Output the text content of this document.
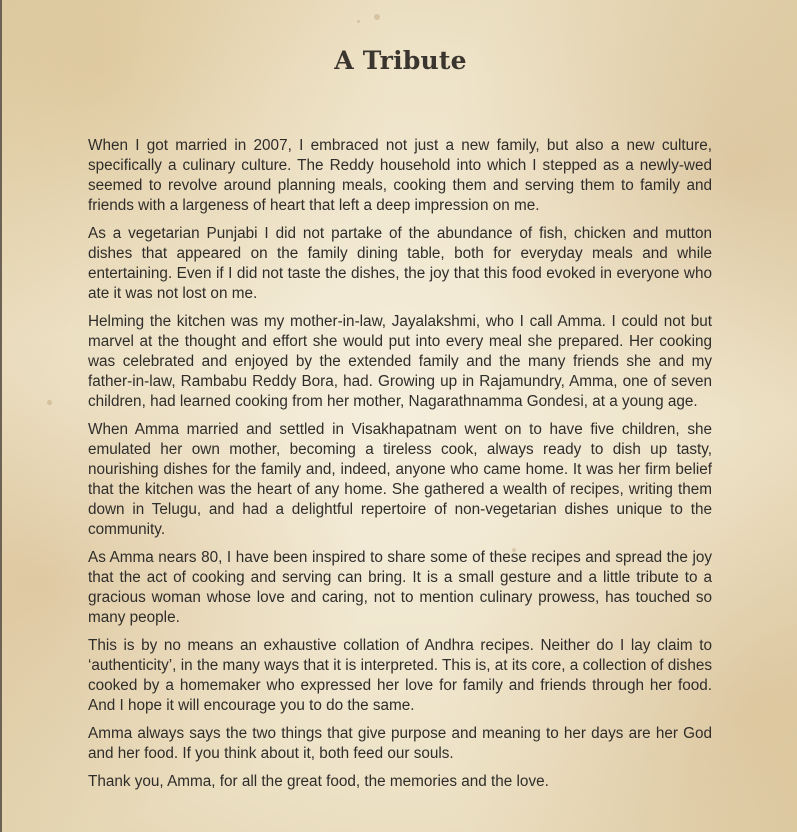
A Tribute

When I got married in 2007, I embraced not just a new family, but also a new culture, specifically a culinary culture. The Reddy household into which I stepped as a newly-wed seemed to revolve around planning meals, cooking them and serving them to family and friends with a largeness of heart that left a deep impression on me.

As a vegetarian Punjabi I did not partake of the abundance of fish, chicken and mutton dishes that appeared on the family dining table, both for everyday meals and while entertaining. Even if I did not taste the dishes, the joy that this food evoked in everyone who ate it was not lost on me.

Helming the kitchen was my mother-in-law, Jayalakshmi, who I call Amma. I could not but marvel at the thought and effort she would put into every meal she prepared. Her cooking was celebrated and enjoyed by the extended family and the many friends she and my father-in-law, Rambabu Reddy Bora, had. Growing up in Rajamundry, Amma, one of seven children, had learned cooking from her mother, Nagarathnamma Gondesi, at a young age.

When Amma married and settled in Visakhapatnam went on to have five children, she emulated her own mother, becoming a tireless cook, always ready to dish up tasty, nourishing dishes for the family and, indeed, anyone who came home. It was her firm belief that the kitchen was the heart of any home. She gathered a wealth of recipes, writing them down in Telugu, and had a delightful repertoire of non-vegetarian dishes unique to the community.

As Amma nears 80, I have been inspired to share some of these recipes and spread the joy that the act of cooking and serving can bring. It is a small gesture and a little tribute to a gracious woman whose love and caring, not to mention culinary prowess, has touched so many people.

This is by no means an exhaustive collation of Andhra recipes. Neither do I lay claim to ‘authenticity’, in the many ways that it is interpreted. This is, at its core, a collection of dishes cooked by a homemaker who expressed her love for family and friends through her food. And I hope it will encourage you to do the same.

Amma always says the two things that give purpose and meaning to her days are her God and her food. If you think about it, both feed our souls.

Thank you, Amma, for all the great food, the memories and the love.
